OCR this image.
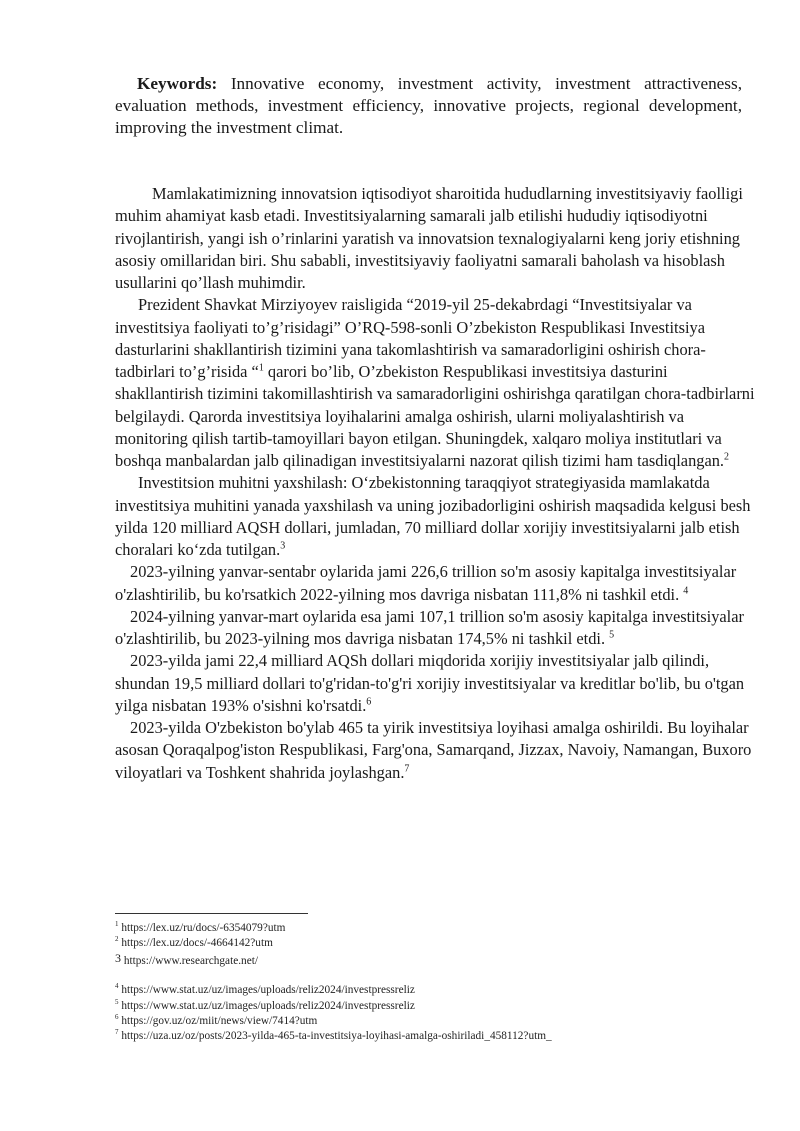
Keywords: Innovative economy, investment activity, investment attractiveness, evaluation methods, investment efficiency, innovative projects, regional development, improving the investment climat.

Mamlakatimizning innovatsion iqtisodiyot sharoitida hududlarning investitsiyaviy faolligi muhim ahamiyat kasb etadi. Investitsiyalarning samarali jalb etilishi hududiy iqtisodiyotni rivojlantirish, yangi ish o’rinlarini yaratish va innovatsion texnalogiyalarni keng joriy etishning asosiy omillaridan biri. Shu sababli, investitsiyaviy faoliyatni samarali baholash va hisoblash usullarini qo’llash muhimdir.

Prezident Shavkat Mirziyoyev raisligida “2019-yil 25-dekabrdagi “Investitsiyalar va investitsiya faoliyati to’g’risidagi” O’RQ-598-sonli O’zbekiston Respublikasi Investitsiya dasturlarini shakllantirish tizimini yana takomlashtirish va samaradorligini oshirish chora-tadbirlari to’g’risida “$^1$ qarori bo’lib, O’zbekiston Respublikasi investitsiya dasturini shakllantirish tizimini takomillashtirish va samaradorligini oshirishga qaratilgan chora-tadbirlarni belgilaydi. Qarorda investitsiya loyihalarini amalga oshirish, ularni moliyalashtirish va monitoring qilish tartib-tamoyillari bayon etilgan. Shuningdek, xalqaro moliya institutlari va boshqa manbalardan jalb qilinadigan investitsiyalarni nazorat qilish tizimi ham tasdiqlangan.$^2$

Investitsion muhitni yaxshilash: O‘zbekistonning taraqqiyot strategiyasida mamlakatda investitsiya muhitini yanada yaxshilash va uning jozibadorligini oshirish maqsadida kelgusi besh yilda 120 milliard AQSH dollari, jumladan, 70 milliard dollar xorijiy investitsiyalarni jalb etish choralari ko‘zda tutilgan.$^3$

2023-yilning yanvar-sentabr oylarida jami 226,6 trillion so'm asosiy kapitalga investitsiyalar o'zlashtirilib, bu ko'rsatkich 2022-yilning mos davriga nisbatan 111,8% ni tashkil etdi. $^4$

2024-yilning yanvar-mart oylarida esa jami 107,1 trillion so'm asosiy kapitalga investitsiyalar o'zlashtirilib, bu 2023-yilning mos davriga nisbatan 174,5% ni tashkil etdi. $^5$

2023-yilda jami 22,4 milliard AQSh dollari miqdorida xorijiy investitsiyalar jalb qilindi, shundan 19,5 milliard dollari to'g'ridan-to'g'ri xorijiy investitsiyalar va kreditlar bo'lib, bu o'tgan yilga nisbatan 193% o'sishni ko'rsatdi.$^6$

2023-yilda O'zbekiston bo'ylab 465 ta yirik investitsiya loyihasi amalga oshirildi. Bu loyihalar asosan Qoraqalpog'iston Respublikasi, Farg'ona, Samarqand, Jizzax, Navoiy, Namangan, Buxoro viloyatlari va Toshkent shahrida joylashgan.$^7$

$^1$ https://lex.uz/ru/docs/-6354079?utm

$^2$ https://lex.uz/docs/-4664142?utm

$^3$ https://www.researchgate.net/

$^4$ https://www.stat.uz/uz/images/uploads/reliz2024/investpressreliz

$^5$ https://www.stat.uz/uz/images/uploads/reliz2024/investpressreliz

$^6$ https://gov.uz/oz/miit/news/view/7414?utm

$^7$ https://uza.uz/oz/posts/2023-yilda-465-ta-investitsiya-loyihasi-amalga-oshiriladi_458112?utm_
